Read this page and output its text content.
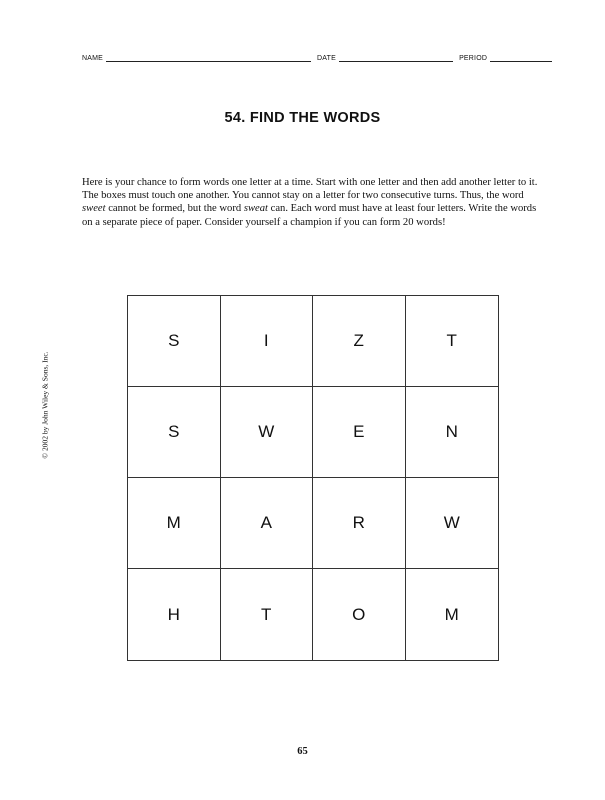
NAME	DATE	PERIOD
54. FIND THE WORDS

Here is your chance to form words one letter at a time. Start with one letter and then add another letter to it. The boxes must touch one another. You cannot stay on a letter for two consecutive turns. Thus, the word sweet cannot be formed, but the word sweat can. Each word must have at least four letters. Write the words on a separate piece of paper. Consider yourself a champion if you can form 20 words!

© 2002 by John Wiley & Sons, Inc.
S	I	Z	T
S	W	E	N
M	A	R	W
H	T	O	M
65
